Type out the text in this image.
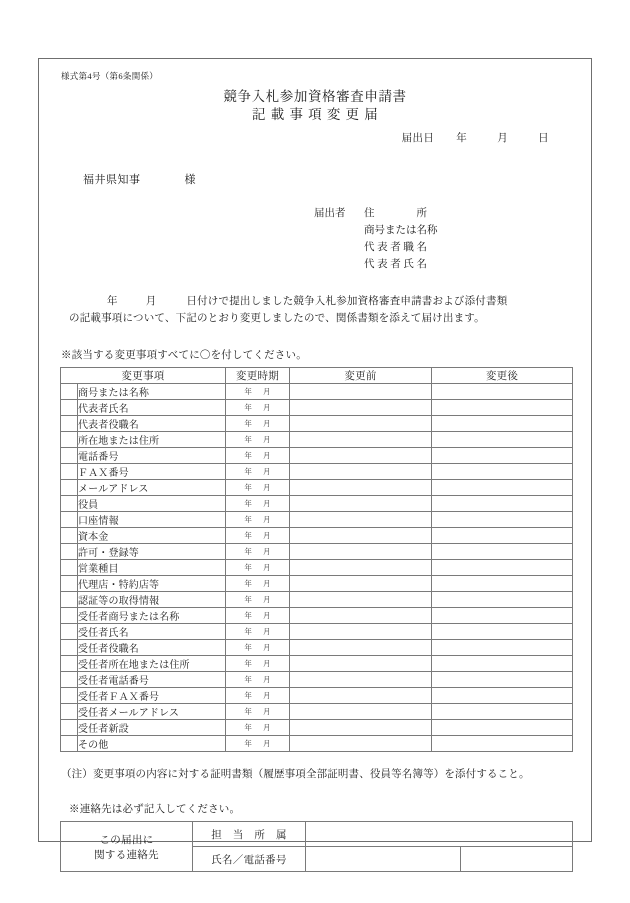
様式第4号（第6条関係）
競争入札参加資格審査申請書
記載事項変更届
届出日 年	月	日
福井県知事	様
届出者 住　　　　所
商号または名称
代 表 者 職 名
代 表 者 氏 名
年	月	日付けで提出しました競争入札参加資格審査申請書および添付書類
の記載事項について、下記のとおり変更しましたので、関係書類を添えて届け出ます。
※該当する変更事項すべてに〇を付してください。
変更事項		変更時期	変更前	変更後
	商号または名称	年 月		
	代表者氏名	年 月		
	代表者役職名	年 月		
	所在地または住所	年 月		
	電話番号	年 月		
	ＦＡＸ番号	年 月		
	メールアドレス	年 月		
	役員	年 月		
	口座情報	年 月		
	資本金	年 月		
	許可・登録等	年 月		
	営業種目	年 月		
	代理店・特約店等	年 月		
	認証等の取得情報	年 月		
	受任者商号または名称	年 月		
	受任者氏名	年 月		
	受任者役職名	年 月		
	受任者所在地または住所	年 月		
	受任者電話番号	年 月		
	受任者ＦＡＸ番号	年 月		
	受任者メールアドレス	年 月		
	受任者新設	年 月		
	その他	年 月		
（注）変更事項の内容に対する証明書類（履歴事項全部証明書、役員等名簿等）を添付すること。
※連絡先は必ず記入してください。
この届出に
関する連絡先	担　当　所　属		
	氏名／電話番号		
